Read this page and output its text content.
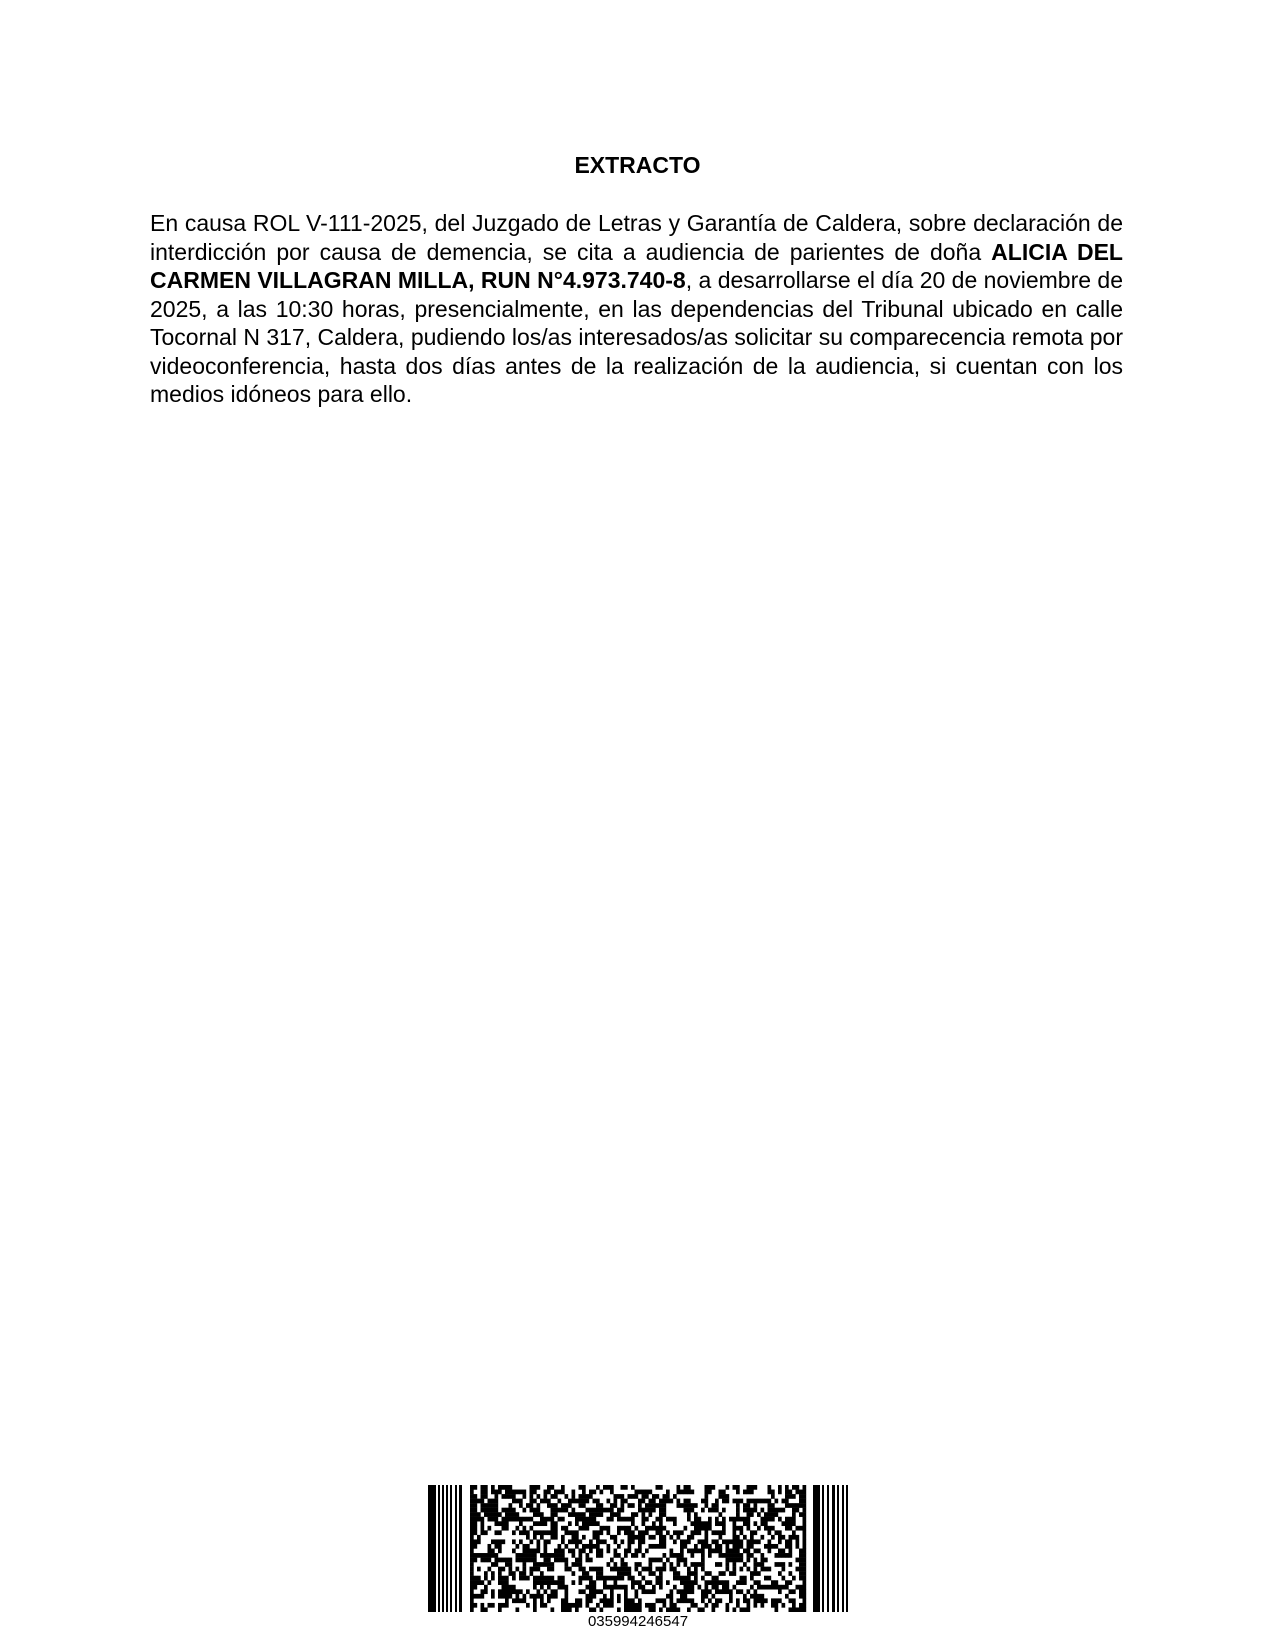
EXTRACTO

En causa ROL V-111-2025, del Juzgado de Letras y Garantía de Caldera, sobre declaración de interdicción por causa de demencia, se cita a audiencia de parientes de doña ALICIA DEL CARMEN VILLAGRAN MILLA, RUN N°4.973.740-8, a desarrollarse el día 20 de noviembre de 2025, a las 10:30 horas, presencialmente, en las dependencias del Tribunal ubicado en calle Tocornal N 317, Caldera, pudiendo los/as interesados/as solicitar su comparecencia remota por videoconferencia, hasta dos días antes de la realización de la audiencia, si cuentan con los medios idóneos para ello.

035994246547
